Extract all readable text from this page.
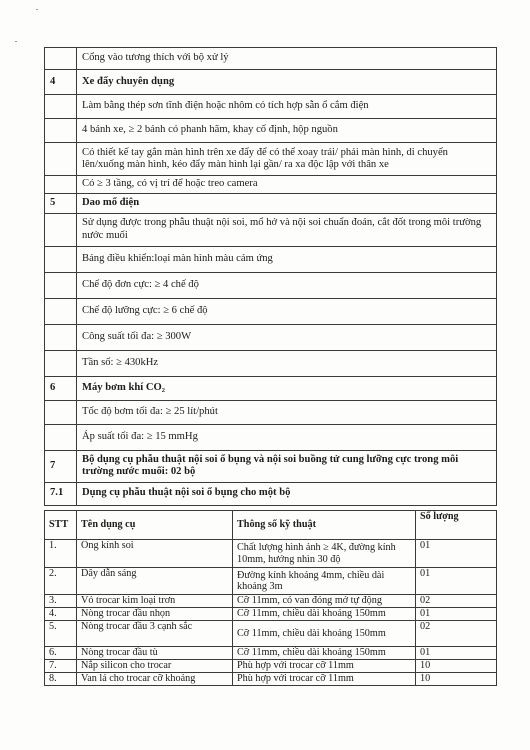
	Cổng vào tương thích với bộ xử lý
4	Xe đẩy chuyên dụng
	Làm bằng thép sơn tĩnh điện hoặc nhôm có tích hợp sẵn ổ cắm điện
	4 bánh xe, ≥ 2 bánh có phanh hãm, khay cố định, hộp nguồn
	Có thiết kế tay gắn màn hình trên xe đẩy để có thể xoay trái/ phải màn hình, di chuyển lên/xuống màn hình, kéo đẩy màn hình lại gần/ ra xa độc lập với thân xe
	Có ≥ 3 tầng, có vị trí để hoặc treo camera
5	Dao mổ điện
	Sử dụng được trong phẫu thuật nội soi, mổ hở và nội soi chuẩn đoán, cắt đốt trong môi trường nước muối
	Bảng điều khiển:loại màn hình màu cảm ứng
	Chế độ đơn cực: ≥ 4 chế độ
	Chế độ lưỡng cực: ≥ 6 chế độ
	Công suất tối đa: ≥ 300W
	Tần số: ≥ 430kHz
6	Máy bơm khí CO₂
	Tốc độ bơm tối đa: ≥ 25 lít/phút
	Áp suất tối đa: ≥ 15 mmHg
7	Bộ dụng cụ phẫu thuật nội soi ổ bụng và nội soi buồng tử cung lưỡng cực trong môi trường nước muối: 02 bộ
7.1	Dụng cụ phẫu thuật nội soi ổ bụng cho một bộ
STT	Tên dụng cụ	Thông số kỹ thuật	Số lượng
1.	Ống kính soi	Chất lượng hình ảnh ≥ 4K, đường kính 10mm, hướng nhìn 30 độ	01
2.	Dây dẫn sáng	Đường kính khoảng 4mm, chiều dài khoảng 3m	01
3.	Vỏ trocar kim loại trơn	Cỡ 11mm, có van đóng mở tự động	02
4.	Nòng trocar đầu nhọn	Cỡ 11mm, chiều dài khoảng 150mm	01
5.	Nòng trocar đầu 3 cạnh sắc	Cỡ 11mm, chiều dài khoảng 150mm	02
6.	Nòng trocar đầu tù	Cỡ 11mm, chiều dài khoảng 150mm	01
7.	Nắp silicon cho trocar	Phù hợp với trocar cỡ 11mm	10
8.	Van lá cho trocar cỡ khoảng	Phù hợp với trocar cỡ 11mm	10
